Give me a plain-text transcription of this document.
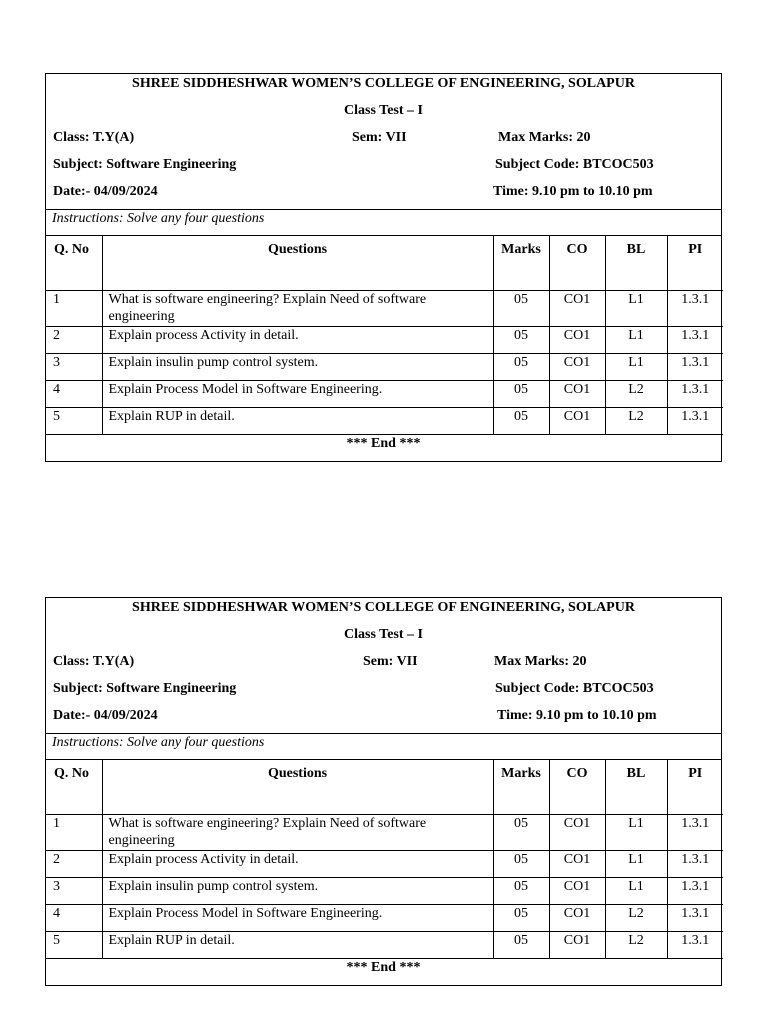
SHREE SIDDHESHWAR WOMEN’S COLLEGE OF ENGINEERING, SOLAPUR
Class Test – I
Class: T.Y(A)	Sem: VII	Max Marks: 20
Subject: Software Engineering	Subject Code: BTCOC503
Date:- 04/09/2024	Time: 9.10 pm to 10.10 pm
Instructions: Solve any four questions
Q. No	Questions	Marks	CO	BL	PI
1	What is software engineering? Explain Need of software engineering	05	CO1	L1	1.3.1
2	Explain process Activity in detail.	05	CO1	L1	1.3.1
3	Explain insulin pump control system.	05	CO1	L1	1.3.1
4	Explain Process Model in Software Engineering.	05	CO1	L2	1.3.1
5	Explain RUP in detail.	05	CO1	L2	1.3.1
*** End ***
SHREE SIDDHESHWAR WOMEN’S COLLEGE OF ENGINEERING, SOLAPUR
Class Test – I
Class: T.Y(A)	Sem: VII	Max Marks: 20
Subject: Software Engineering	Subject Code: BTCOC503
Date:- 04/09/2024	Time: 9.10 pm to 10.10 pm
Instructions: Solve any four questions
Q. No	Questions	Marks	CO	BL	PI
1	What is software engineering? Explain Need of software engineering	05	CO1	L1	1.3.1
2	Explain process Activity in detail.	05	CO1	L1	1.3.1
3	Explain insulin pump control system.	05	CO1	L1	1.3.1
4	Explain Process Model in Software Engineering.	05	CO1	L2	1.3.1
5	Explain RUP in detail.	05	CO1	L2	1.3.1
*** End ***
